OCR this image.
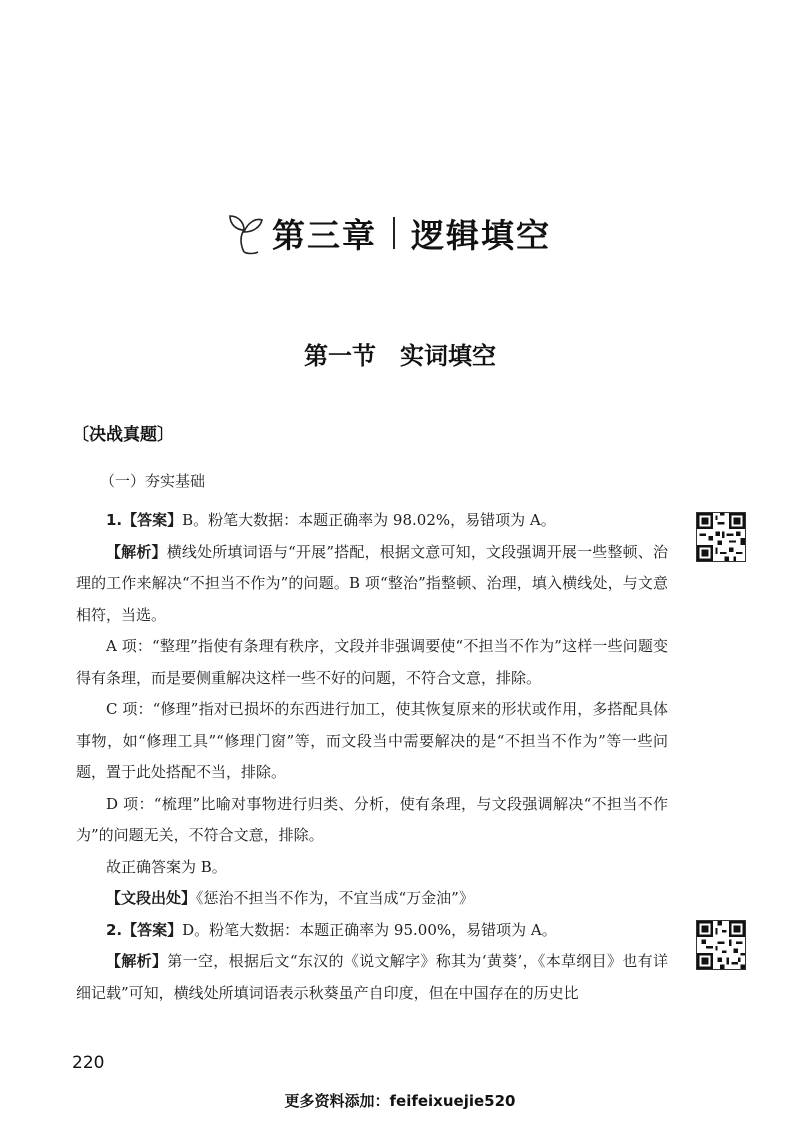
第三章 逻辑填空
第一节 实词填空
〔决战真题〕
（一）夯实基础

1.【答案】B。粉笔大数据：本题正确率为 98.02%，易错项为 A。

【解析】横线处所填词语与“开展”搭配，根据文意可知，文段强调开展一些整顿、治理的工作来解决“不担当不作为”的问题。B 项“整治”指整顿、治理，填入横线处，与文意相符，当选。

A 项：“整理”指使有条理有秩序，文段并非强调要使“不担当不作为”这样一些问题变得有条理，而是要侧重解决这样一些不好的问题，不符合文意，排除。

C 项：“修理”指对已损坏的东西进行加工，使其恢复原来的形状或作用，多搭配具体事物，如“修理工具”“修理门窗”等，而文段当中需要解决的是“不担当不作为”等一些问题，置于此处搭配不当，排除。

D 项：“梳理”比喻对事物进行归类、分析，使有条理，与文段强调解决“不担当不作为”的问题无关，不符合文意，排除。

故正确答案为 B。

【文段出处】《惩治不担当不作为，不宜当成“万金油”》

2.【答案】D。粉笔大数据：本题正确率为 95.00%，易错项为 A。

【解析】第一空，根据后文“东汉的《说文解字》称其为‘黄葵’，《本草纲目》也有详细记载”可知，横线处所填词语表示秋葵虽产自印度，但在中国存在的历史比

220
更多资料添加：feifeixuejie520
